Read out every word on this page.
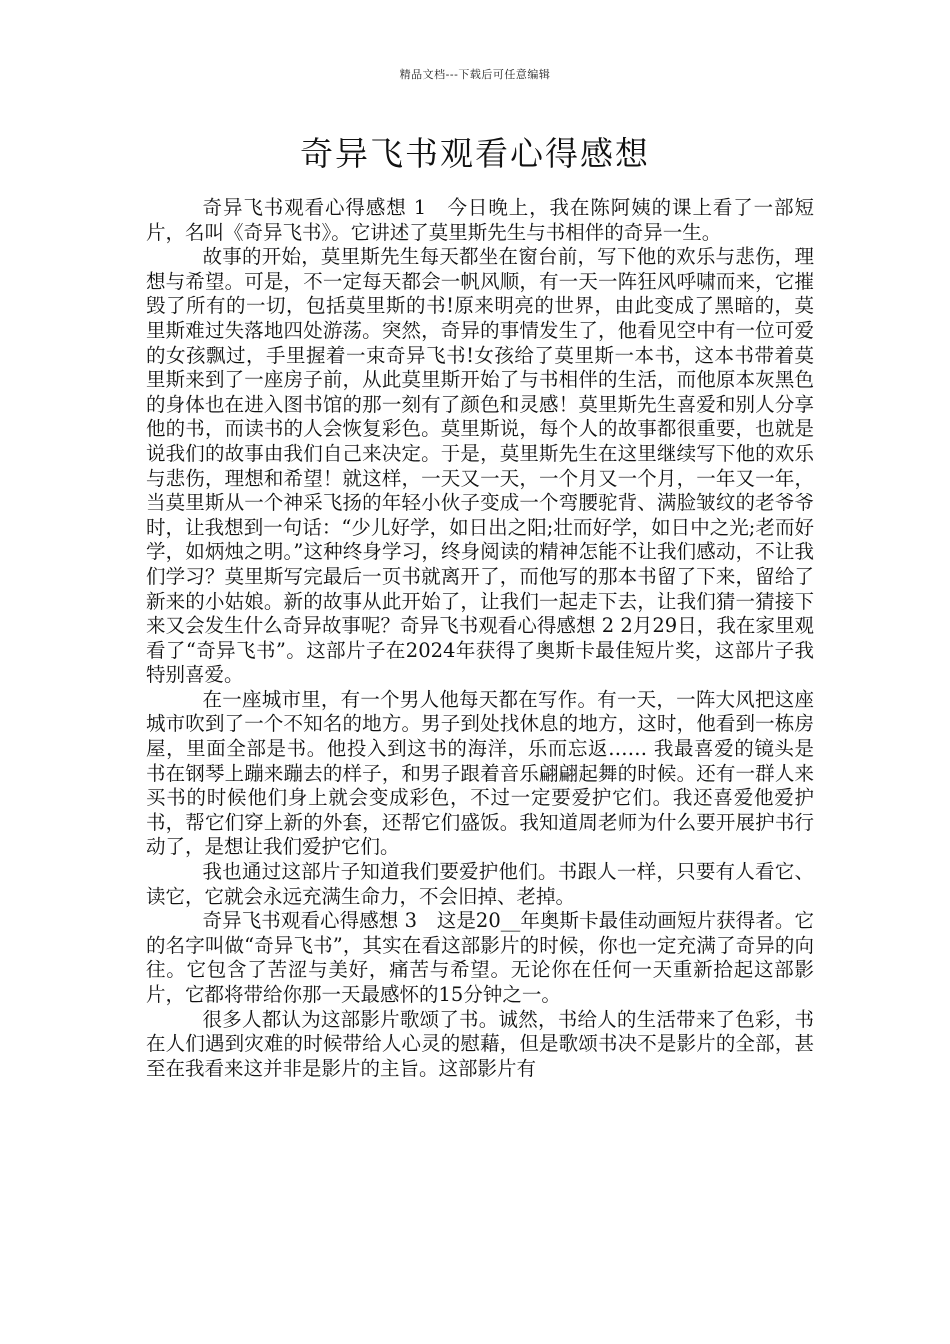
精品文档---下载后可任意编辑
奇异飞书观看心得感想

奇异飞书观看心得感想 1　今日晚上，我在陈阿姨的课上看了一部短片，名叫《奇异飞书》。它讲述了莫里斯先生与书相伴的奇异一生。

故事的开始，莫里斯先生每天都坐在窗台前，写下他的欢乐与悲伤，理想与希望。可是，不一定每天都会一帆风顺，有一天一阵狂风呼啸而来，它摧毁了所有的一切，包括莫里斯的书!原来明亮的世界，由此变成了黑暗的，莫里斯难过失落地四处游荡。突然，奇异的事情发生了，他看见空中有一位可爱的女孩飘过，手里握着一束奇异飞书!女孩给了莫里斯一本书，这本书带着莫里斯来到了一座房子前，从此莫里斯开始了与书相伴的生活，而他原本灰黑色的身体也在进入图书馆的那一刻有了颜色和灵感！莫里斯先生喜爱和别人分享他的书，而读书的人会恢复彩色。莫里斯说，每个人的故事都很重要，也就是说我们的故事由我们自己来决定。于是，莫里斯先生在这里继续写下他的欢乐与悲伤，理想和希望！就这样，一天又一天，一个月又一个月，一年又一年，当莫里斯从一个神采飞扬的年轻小伙子变成一个弯腰驼背、满脸皱纹的老爷爷时，让我想到一句话：“少儿好学，如日出之阳;壮而好学，如日中之光;老而好学，如炳烛之明。”这种终身学习，终身阅读的精神怎能不让我们感动，不让我们学习？莫里斯写完最后一页书就离开了，而他写的那本书留了下来，留给了新来的小姑娘。新的故事从此开始了，让我们一起走下去，让我们猜一猜接下来又会发生什么奇异故事呢？奇异飞书观看心得感想 2 2月29日，我在家里观看了“奇异飞书”。这部片子在2024年获得了奥斯卡最佳短片奖，这部片子我特别喜爱。

在一座城市里，有一个男人他每天都在写作。有一天，一阵大风把这座城市吹到了一个不知名的地方。男子到处找休息的地方，这时，他看到一栋房屋，里面全部是书。他投入到这书的海洋，乐而忘返…… 我最喜爱的镜头是书在钢琴上蹦来蹦去的样子，和男子跟着音乐翩翩起舞的时候。还有一群人来买书的时候他们身上就会变成彩色，不过一定要爱护它们。我还喜爱他爱护书，帮它们穿上新的外套，还帮它们盛饭。我知道周老师为什么要开展护书行动了，是想让我们爱护它们。

我也通过这部片子知道我们要爱护他们。书跟人一样，只要有人看它、读它，它就会永远充满生命力，不会旧掉、老掉。

奇异飞书观看心得感想 3　这是20__年奥斯卡最佳动画短片获得者。它的名字叫做“奇异飞书”，其实在看这部影片的时候，你也一定充满了奇异的向往。它包含了苦涩与美好，痛苦与希望。无论你在任何一天重新拾起这部影片，它都将带给你那一天最感怀的15分钟之一。

很多人都认为这部影片歌颂了书。诚然，书给人的生活带来了色彩，书在人们遇到灾难的时候带给人心灵的慰藉，但是歌颂书决不是影片的全部，甚至在我看来这并非是影片的主旨。这部影片有
